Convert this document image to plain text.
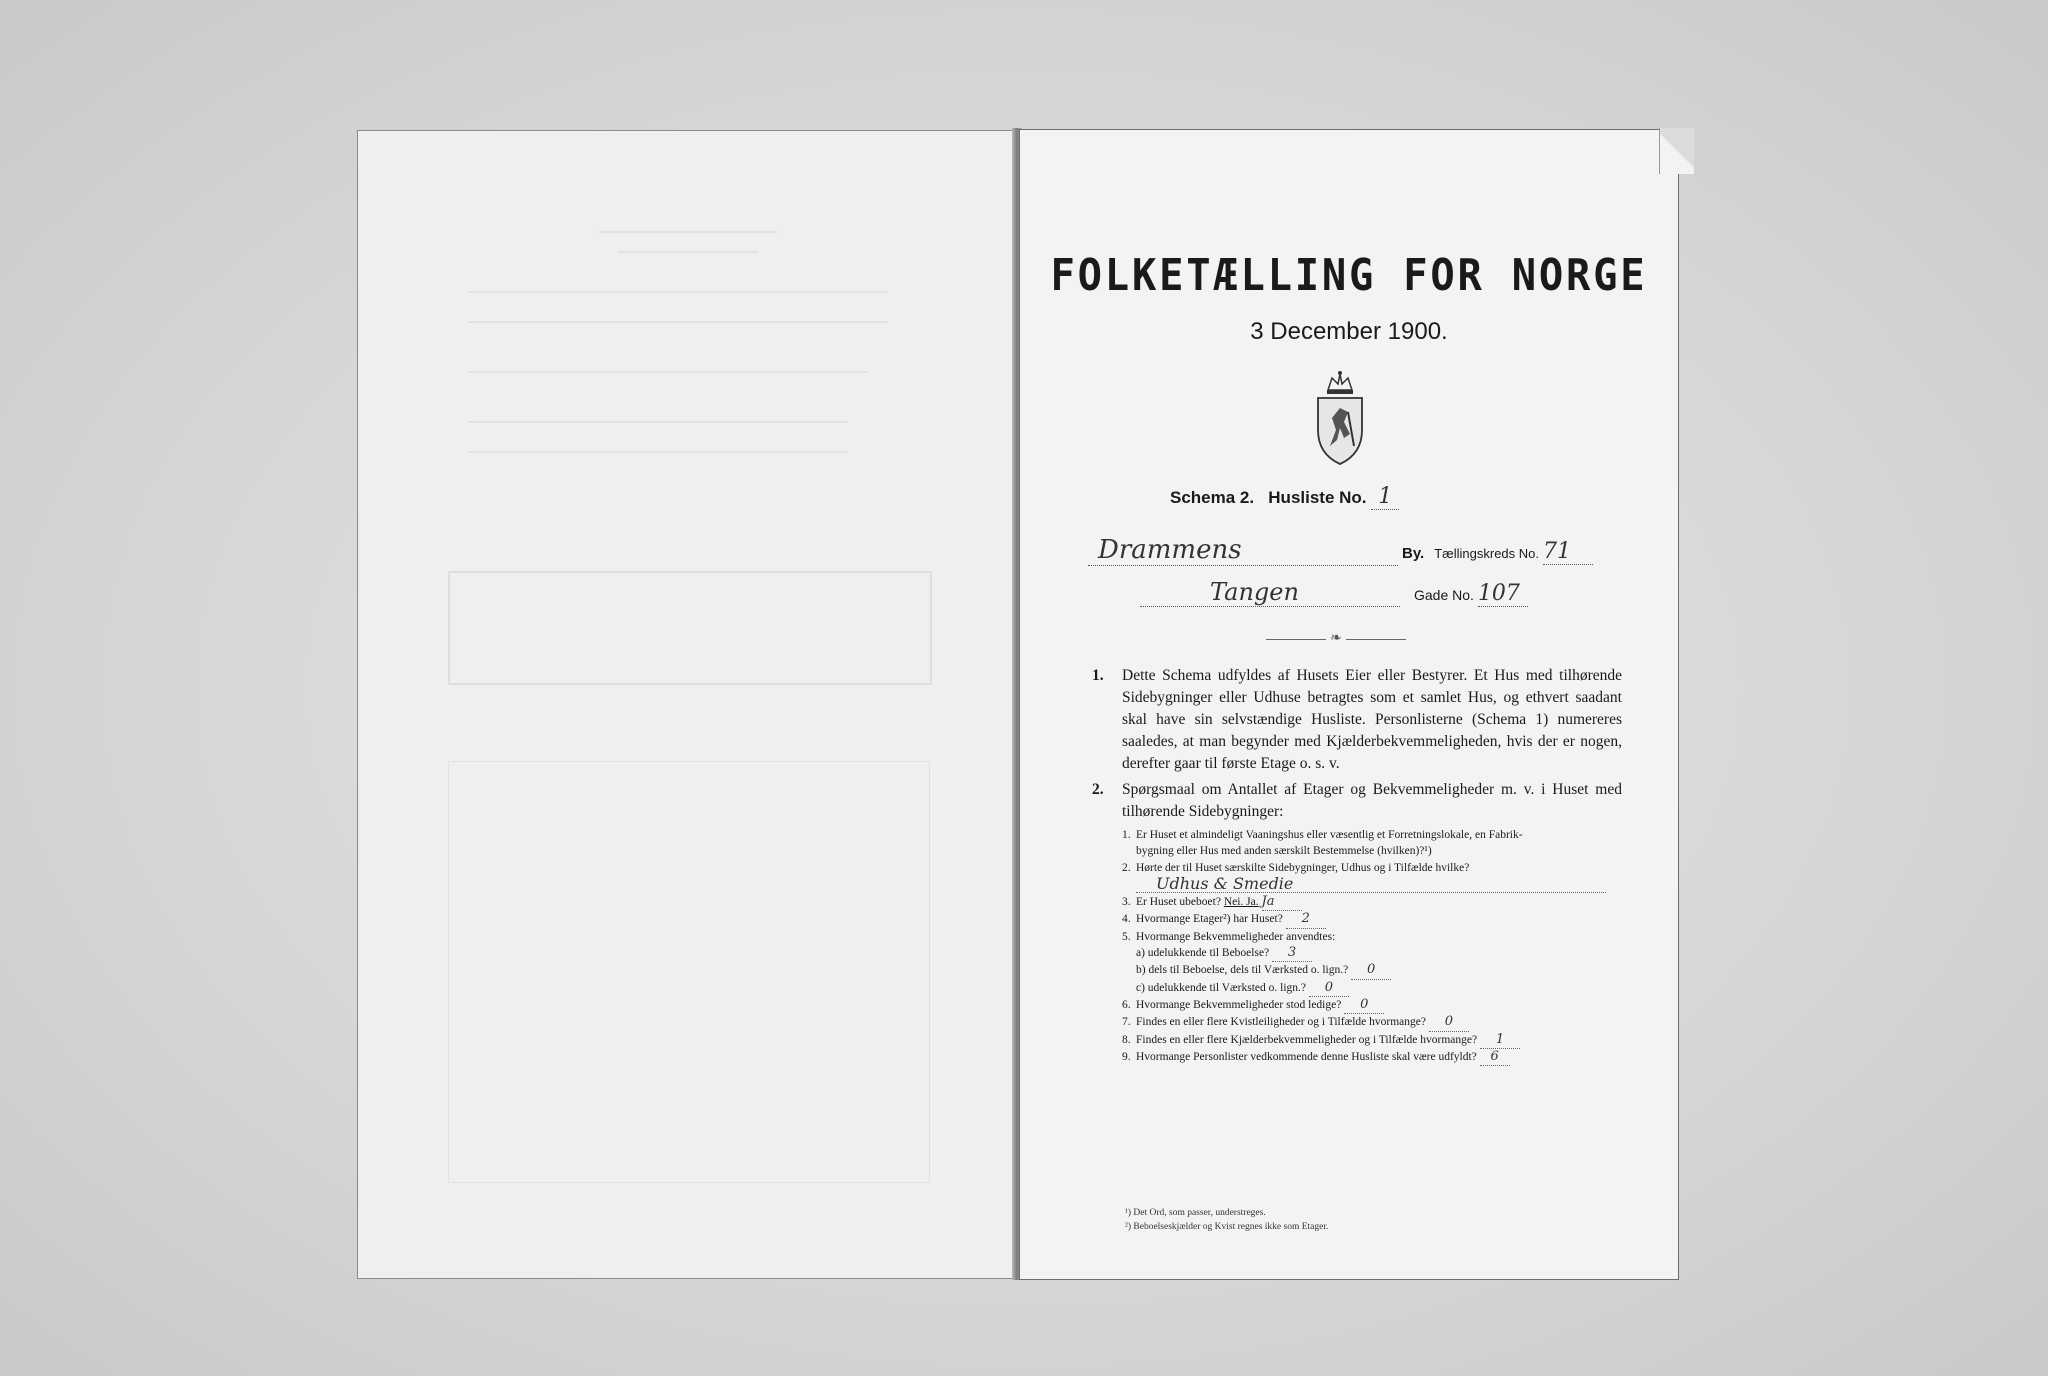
FOLKETÆLLING FOR NORGE
3 December 1900.
Schema 2. Husliste No. 1
Drammens	By. Tællingskreds No. 71
Tangen	Gade No. 107
❧
1. Dette Schema udfyldes af Husets Eier eller Bestyrer. Et Hus med tilhørende Sidebygninger eller Udhuse betragtes som et samlet Hus, og ethvert saadant skal have sin selvstændige Husliste. Personlisterne (Schema 1) numereres saaledes, at man begynder med Kjælderbekvemmeligheden, hvis der er nogen, derefter gaar til første Etage o. s. v.
2. Spørgsmaal om Antallet af Etager og Bekvemmeligheder m. v. i Huset med tilhørende Sidebygninger:
1. Er Huset et almindeligt Vaaningshus eller væsentlig et Forretningslokale, en Fabrik-
bygning eller Hus med anden særskilt Bestemmelse (hvilken)?¹)
2. Hørte der til Huset særskilte Sidebygninger, Udhus og i Tilfælde hvilke?
Udhus & Smedie
3. Er Huset ubeboet? Nei. Ja. Ja
4. Hvormange Etager²) har Huset? 2
5. Hvormange Bekvemmeligheder anvendtes:
a) udelukkende til Beboelse? 3
b) dels til Beboelse, dels til Værksted o. lign.? 0
c) udelukkende til Værksted o. lign.? 0
6. Hvormange Bekvemmeligheder stod ledige? 0
7. Findes en eller flere Kvistleiligheder og i Tilfælde hvormange? 0
8. Findes en eller flere Kjælderbekvemmeligheder og i Tilfælde hvormange? 1
9. Hvormange Personlister vedkommende denne Husliste skal være udfyldt? 6
¹) Det Ord, som passer, understreges.
²) Beboelseskjælder og Kvist regnes ikke som Etager.
